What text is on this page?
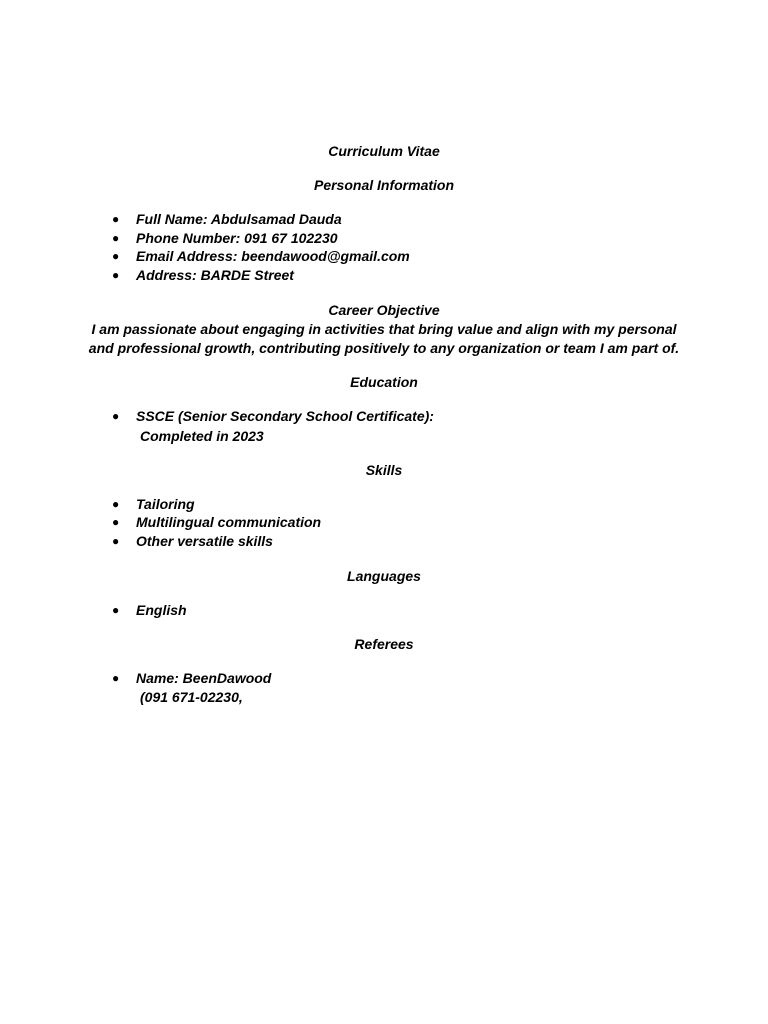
Curriculum Vitae
Personal Information
● Full Name: Abdulsamad Dauda
● Phone Number: 091 67 102230
● Email Address: beendawood@gmail.com
● Address: BARDE Street
Career Objective
I am passionate about engaging in activities that bring value and align with my personal
and professional growth, contributing positively to any organization or team I am part of.
Education
● SSCE (Senior Secondary School Certificate):
Completed in 2023
Skills
● Tailoring
● Multilingual communication
● Other versatile skills
Languages
● English
Referees
● Name: BeenDawood
(091 671-02230,
